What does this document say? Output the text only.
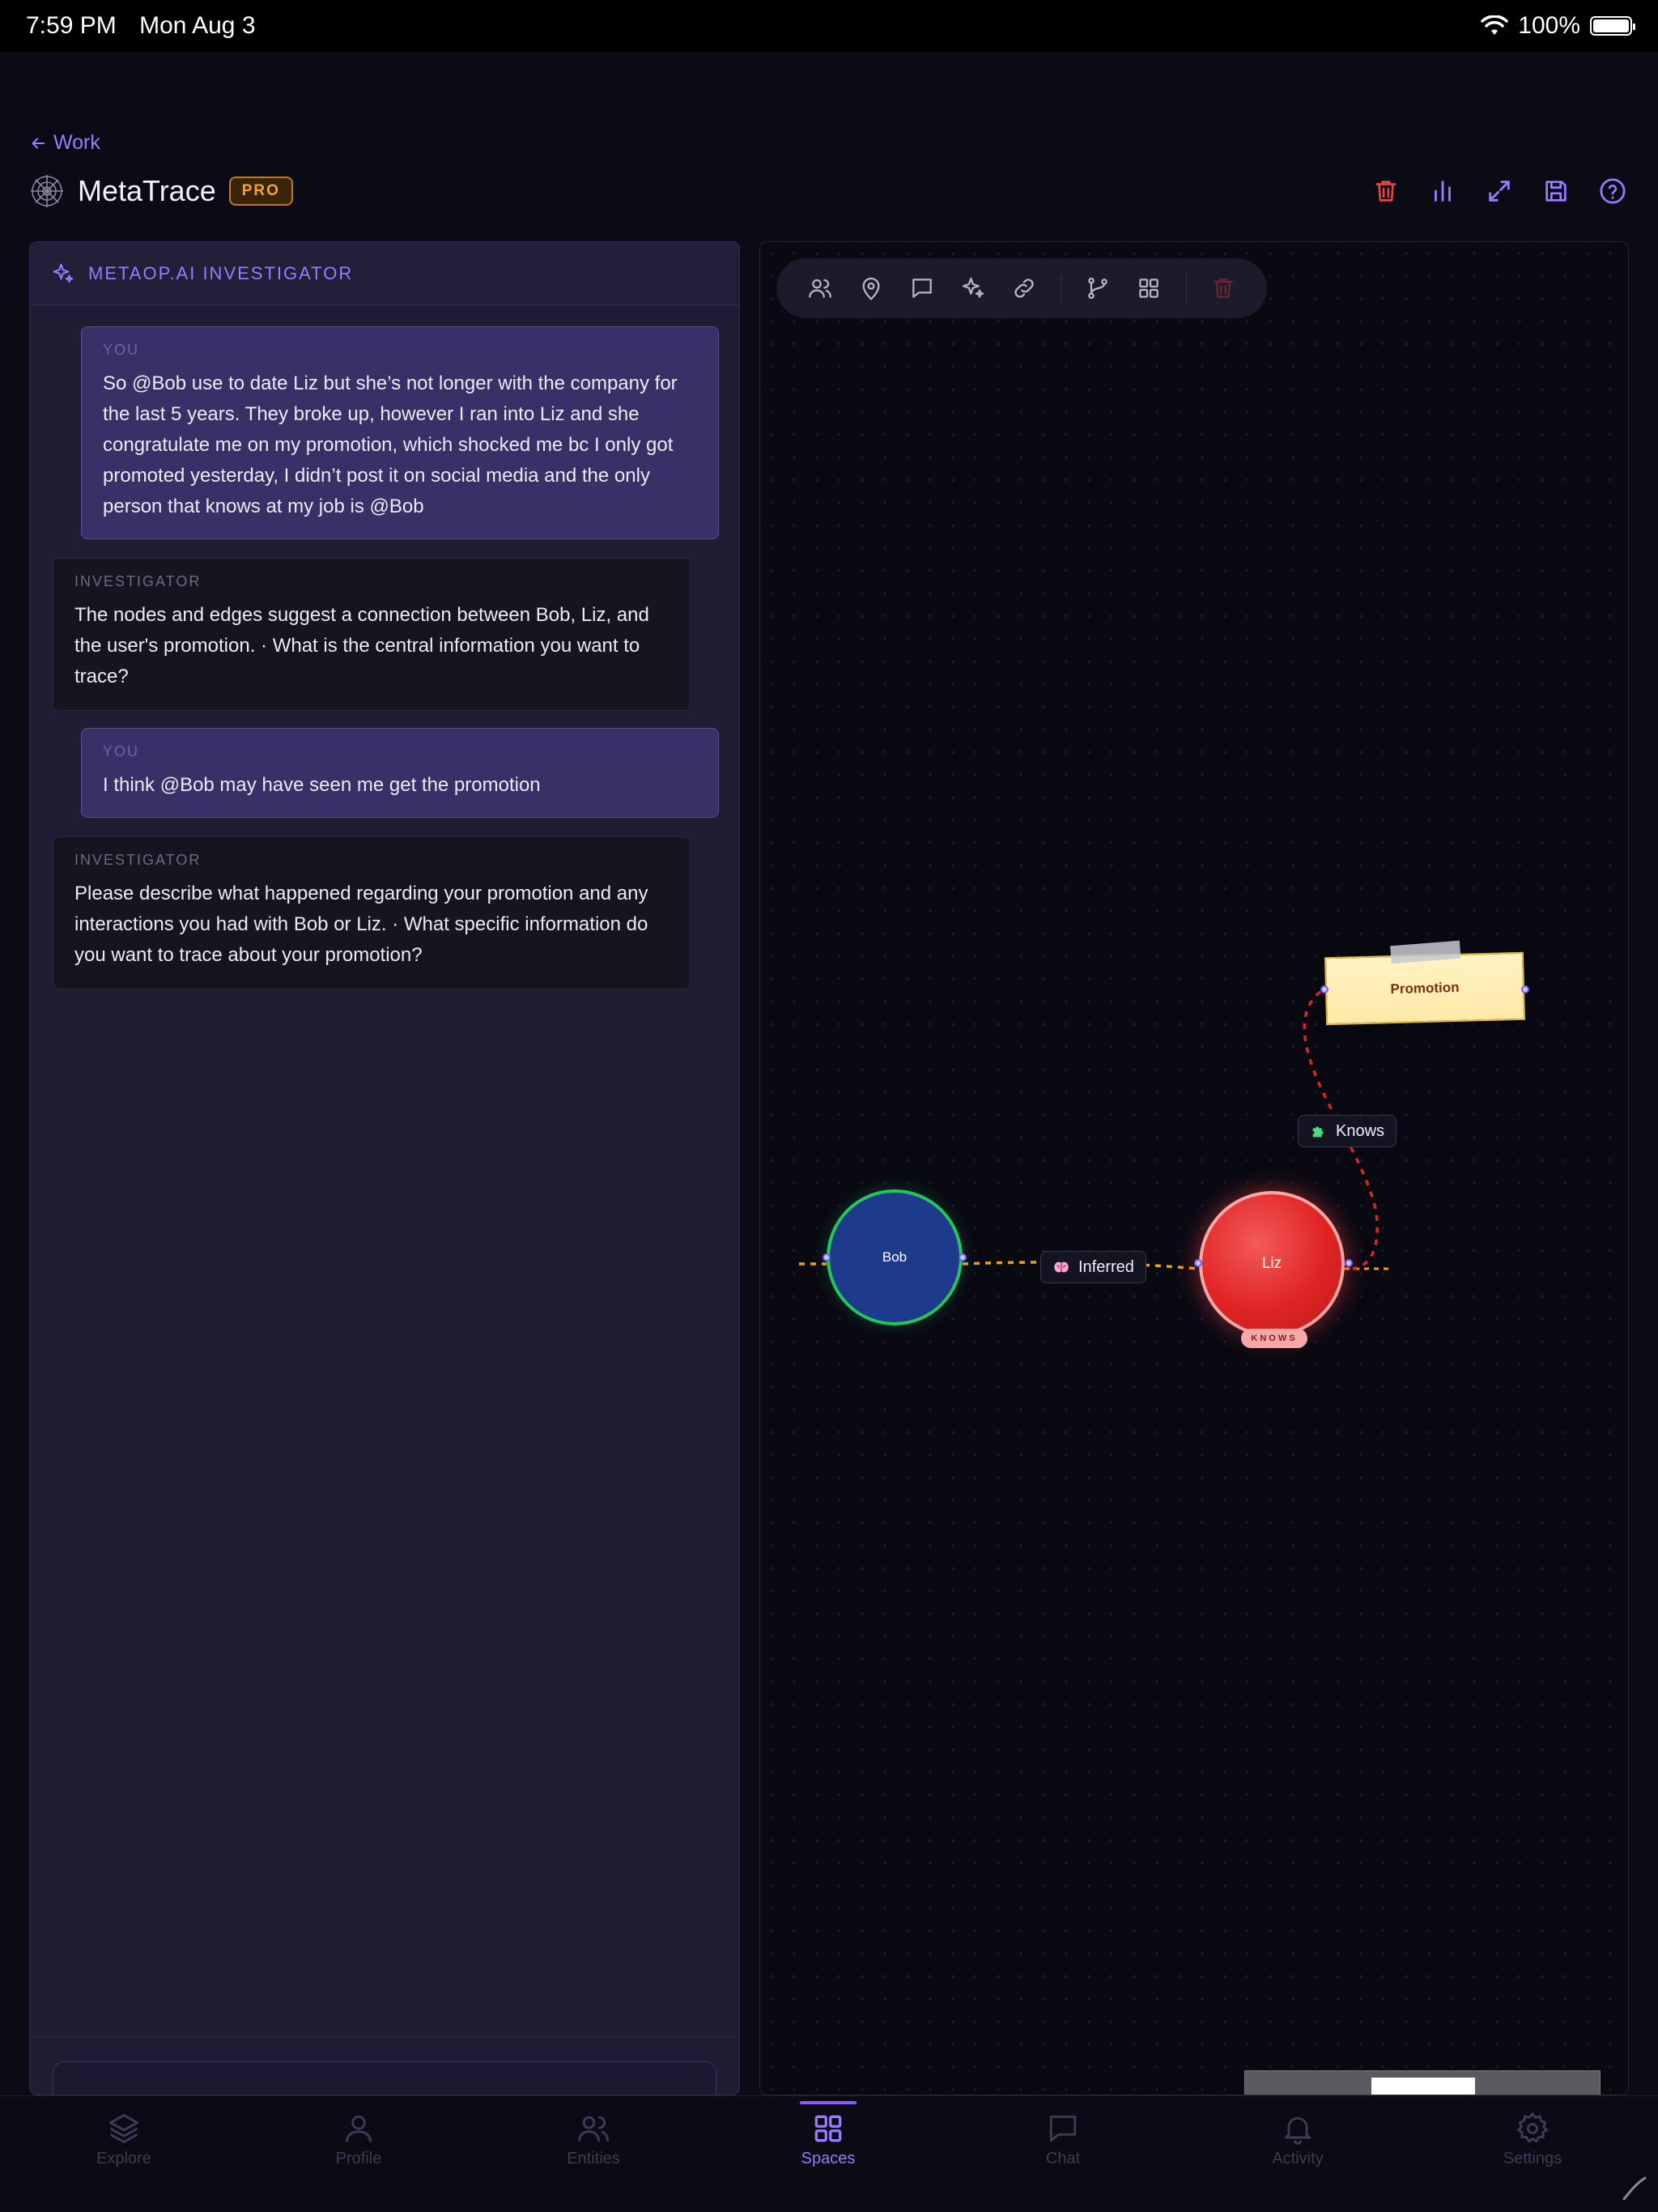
7:59 PM Mon Aug 3	100%
Work
MetaTrace	PRO
METAOP.AI INVESTIGATOR
YOU
So @Bob use to date Liz but she’s not longer with the company for the last 5 years. They broke up, however I ran into Liz and she congratulate me on my promotion, which shocked me bc I only got promoted yesterday, I didn’t post it on social media and the only person that knows at my job is @Bob
INVESTIGATOR
The nodes and edges suggest a connection between Bob, Liz, and the user's promotion. · What is the central information you want to trace?
YOU
I think @Bob may have seen me get the promotion
INVESTIGATOR
Please describe what happened regarding your promotion and any interactions you had with Bob or Liz. · What specific information do you want to trace about your promotion?
Bob	Liz
KNOWS
Promotion
Inferred
Knows
Explore	Profile	Entities	Spaces	Chat	Activity	Settings
